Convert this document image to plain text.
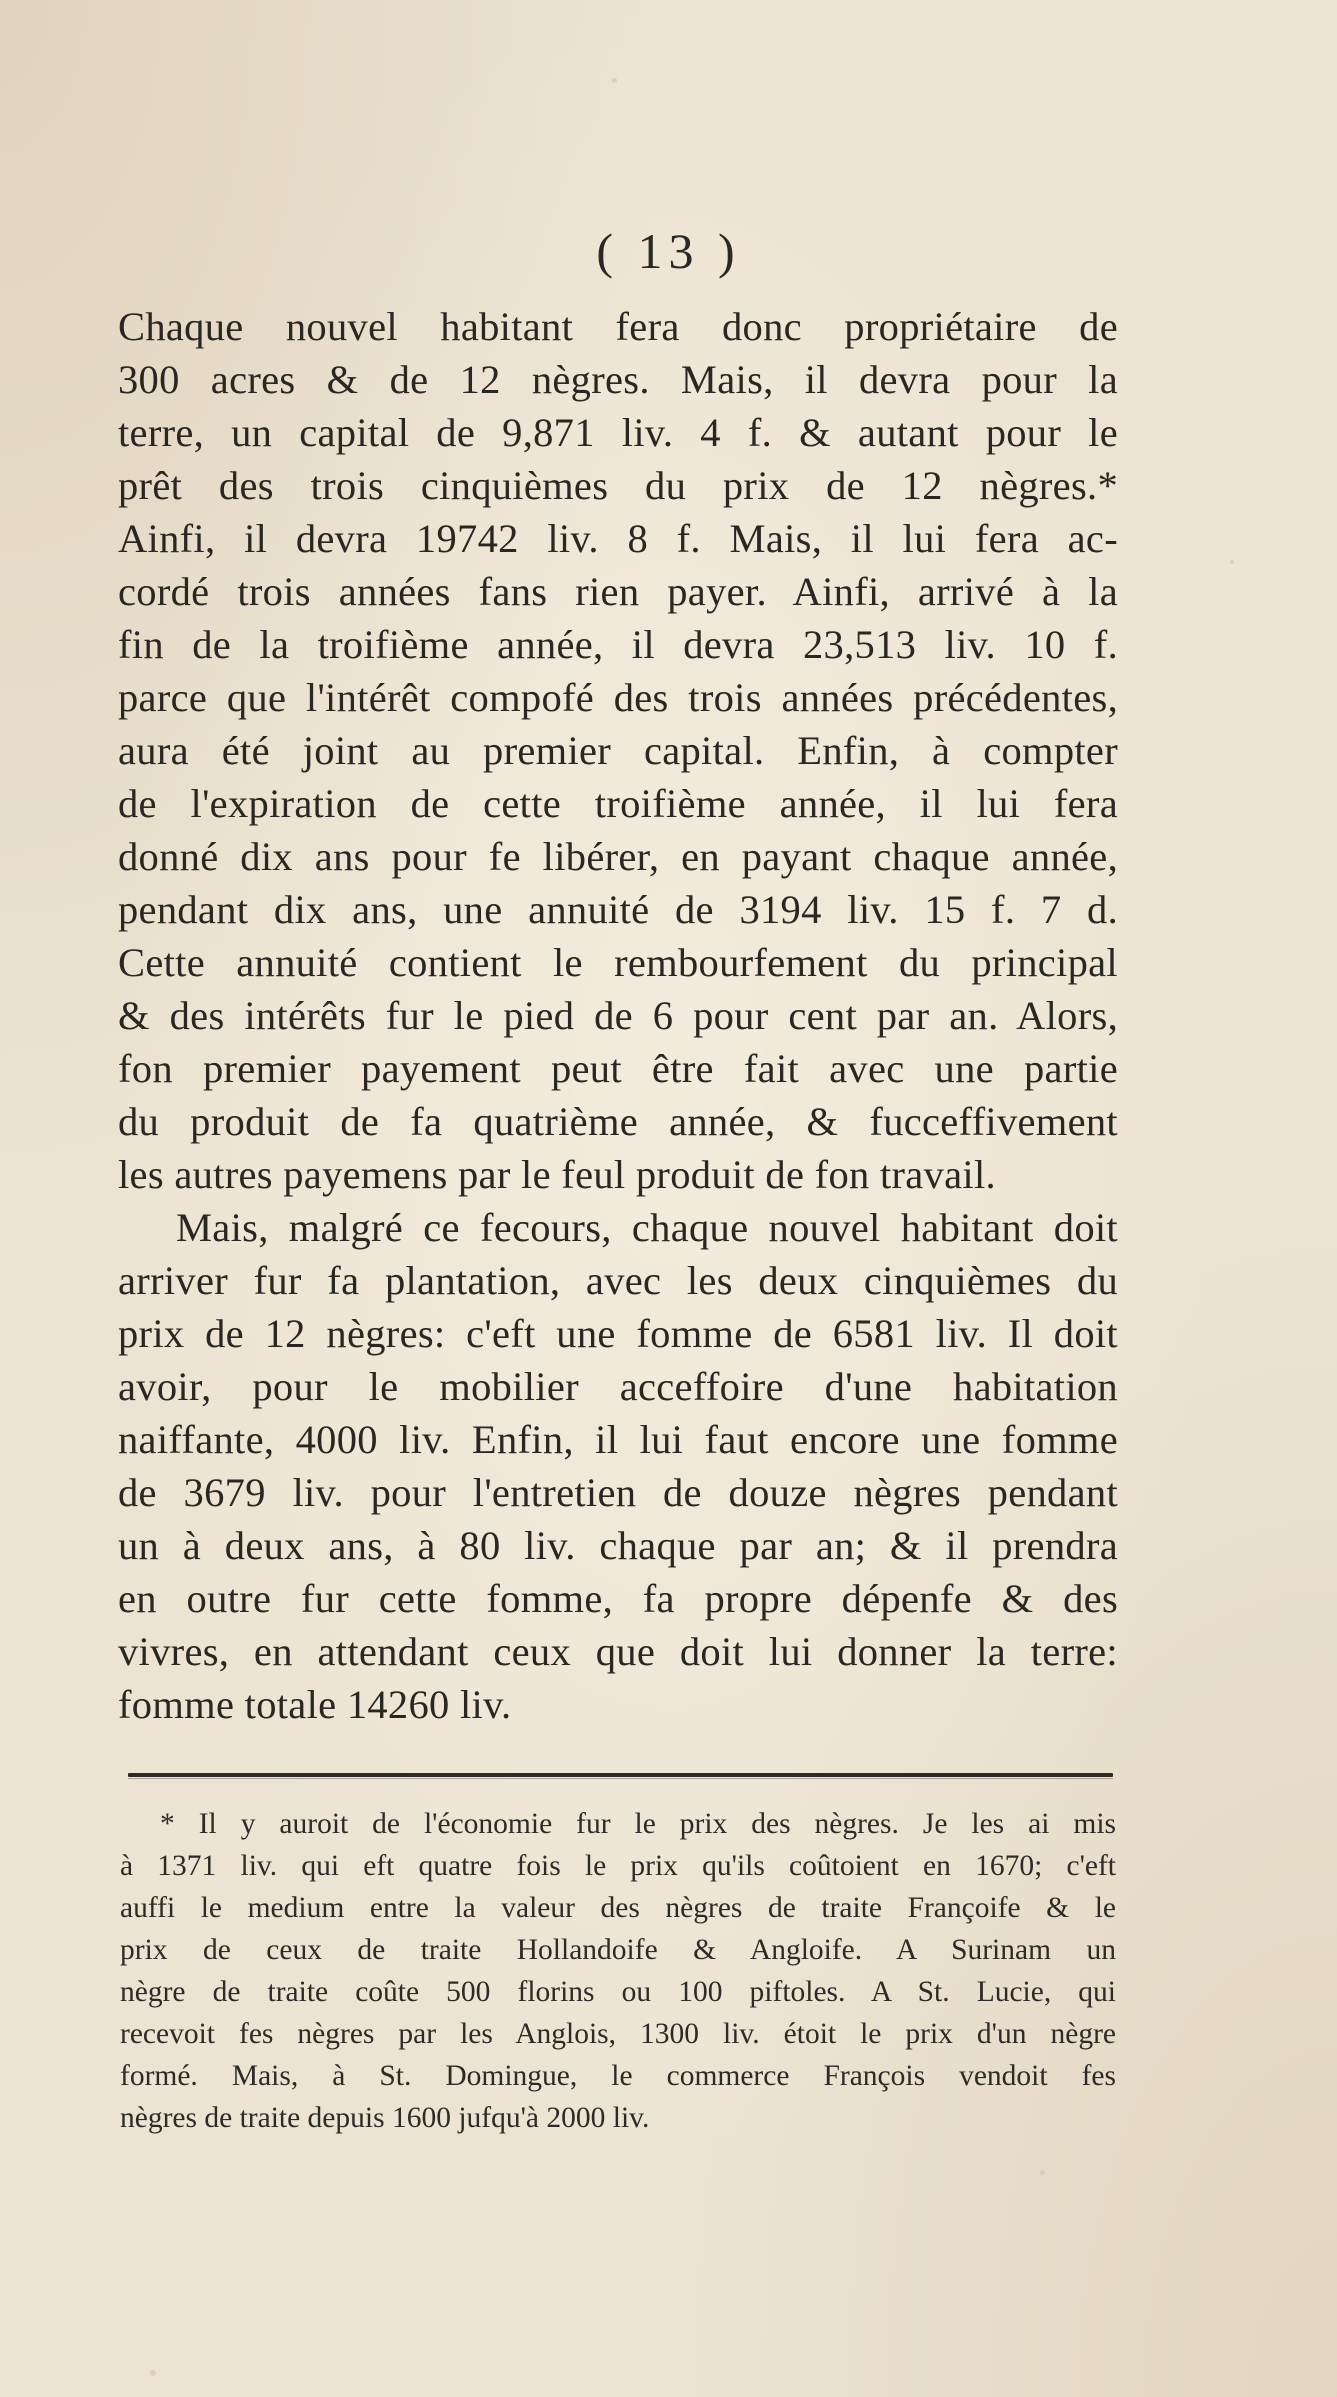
( 13 )
Chaque nouvel habitant fera donc propriétaire de
300 acres & de 12 nègres. Mais, il devra pour la
terre, un capital de 9,871 liv. 4 f. & autant pour le
prêt des trois cinquièmes du prix de 12 nègres.*
Ainfi, il devra 19742 liv. 8 f. Mais, il lui fera ac-
cordé trois années fans rien payer. Ainfi, arrivé à la
fin de la troifième année, il devra 23,513 liv. 10 f.
parce que l'intérêt compofé des trois années précédentes,
aura été joint au premier capital. Enfin, à compter
de l'expiration de cette troifième année, il lui fera
donné dix ans pour fe libérer, en payant chaque année,
pendant dix ans, une annuité de 3194 liv. 15 f. 7 d.
Cette annuité contient le rembourfement du principal
& des intérêts fur le pied de 6 pour cent par an. Alors,
fon premier payement peut être fait avec une partie
du produit de fa quatrième année, & fucceffivement
les autres payemens par le feul produit de fon travail.
Mais, malgré ce fecours, chaque nouvel habitant doit
arriver fur fa plantation, avec les deux cinquièmes du
prix de 12 nègres: c'eft une fomme de 6581 liv. Il doit
avoir, pour le mobilier acceffoire d'une habitation
naiffante, 4000 liv. Enfin, il lui faut encore une fomme
de 3679 liv. pour l'entretien de douze nègres pendant
un à deux ans, à 80 liv. chaque par an; & il prendra
en outre fur cette fomme, fa propre dépenfe & des
vivres, en attendant ceux que doit lui donner la terre:
fomme totale 14260 liv.
* Il y auroit de l'économie fur le prix des nègres. Je les ai mis
à 1371 liv. qui eft quatre fois le prix qu'ils coûtoient en 1670; c'eft
auffi le medium entre la valeur des nègres de traite Françoife & le
prix de ceux de traite Hollandoife & Angloife. A Surinam un
nègre de traite coûte 500 florins ou 100 piftoles. A St. Lucie, qui
recevoit fes nègres par les Anglois, 1300 liv. étoit le prix d'un nègre
formé. Mais, à St. Domingue, le commerce François vendoit fes
nègres de traite depuis 1600 jufqu'à 2000 liv.
